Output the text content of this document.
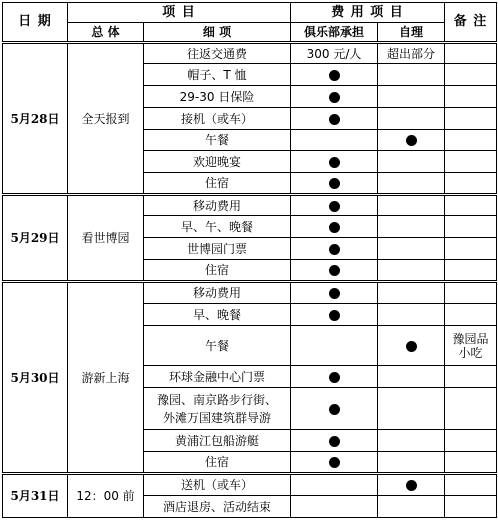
日 期	项 目		费 用 项 目		备 注
	总 体	细 项	俱乐部承担	自理	
5月28日	全天报到	往返交通费	300 元/人	超出部分	
		帽子、T 恤			
		29-30 日保险			
		接机（或车）			
		午餐			
		欢迎晚宴			
		住宿			
5月29日	看世博园	移动费用			
		早、午、晚餐			
		世博园门票			
		住宿			
5月30日	游新上海	移动费用			
		早、晚餐			
		午餐			豫园品
小吃
		环球金融中心门票			
		豫园、南京路步行街、
外滩万国建筑群导游			
		黄浦江包船游艇			
		住宿			
5月31日	12：00 前	送机（或车）			
		酒店退房、活动结束			
